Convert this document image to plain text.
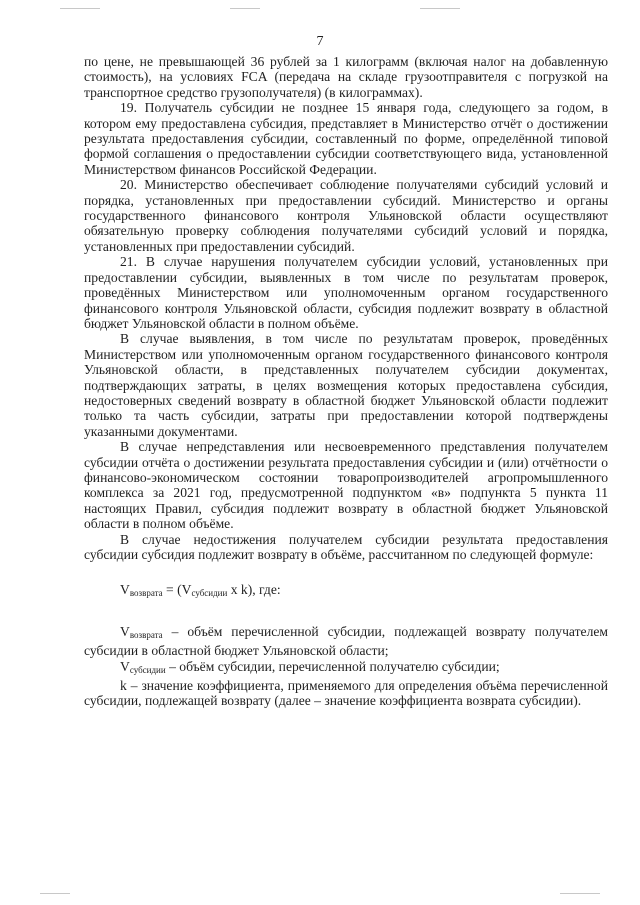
7

по цене, не превышающей 36 рублей за 1 килограмм (включая налог на добавленную стоимость), на условиях FCA (передача на складе грузоотправителя с погрузкой на транспортное средство грузополучателя) (в килограммах).

19. Получатель субсидии не позднее 15 января года, следующего за годом, в котором ему предоставлена субсидия, представляет в Министерство отчёт о достижении результата предоставления субсидии, составленный по форме, определённой типовой формой соглашения о предоставлении субсидии соответствующего вида, установленной Министерством финансов Российской Федерации.

20. Министерство обеспечивает соблюдение получателями субсидий условий и порядка, установленных при предоставлении субсидий. Министерство и органы государственного финансового контроля Ульяновской области осуществляют обязательную проверку соблюдения получателями субсидий условий и порядка, установленных при предоставлении субсидий.

21. В случае нарушения получателем субсидии условий, установленных при предоставлении субсидии, выявленных в том числе по результатам проверок, проведённых Министерством или уполномоченным органом государственного финансового контроля Ульяновской области, субсидия подлежит возврату в областной бюджет Ульяновской области в полном объёме.

В случае выявления, в том числе по результатам проверок, проведённых Министерством или уполномоченным органом государственного финансового контроля Ульяновской области, в представленных получателем субсидии документах, подтверждающих затраты, в целях возмещения которых предоставлена субсидия, недостоверных сведений возврату в областной бюджет Ульяновской области подлежит только та часть субсидии, затраты при предоставлении которой подтверждены указанными документами.

В случае непредставления или несвоевременного представления получателем субсидии отчёта о достижении результата предоставления субсидии и (или) отчётности о финансово-экономическом состоянии товаропроизводителей агропромышленного комплекса за 2021 год, предусмотренной подпунктом «в» подпункта 5 пункта 11 настоящих Правил, субсидия подлежит возврату в областной бюджет Ульяновской области в полном объёме.

В случае недостижения получателем субсидии результата предоставления субсидии субсидия подлежит возврату в объёме, рассчитанном по следующей формуле:

$V_{возврата} = (V_{субсидии}$ x k), где:

$V_{возврата}$ – объём перечисленной субсидии, подлежащей возврату получателем субсидии в областной бюджет Ульяновской области;

$V_{субсидии}$ – объём субсидии, перечисленной получателю субсидии;

k – значение коэффициента, применяемого для определения объёма перечисленной субсидии, подлежащей возврату (далее – значение коэффициента возврата субсидии).
